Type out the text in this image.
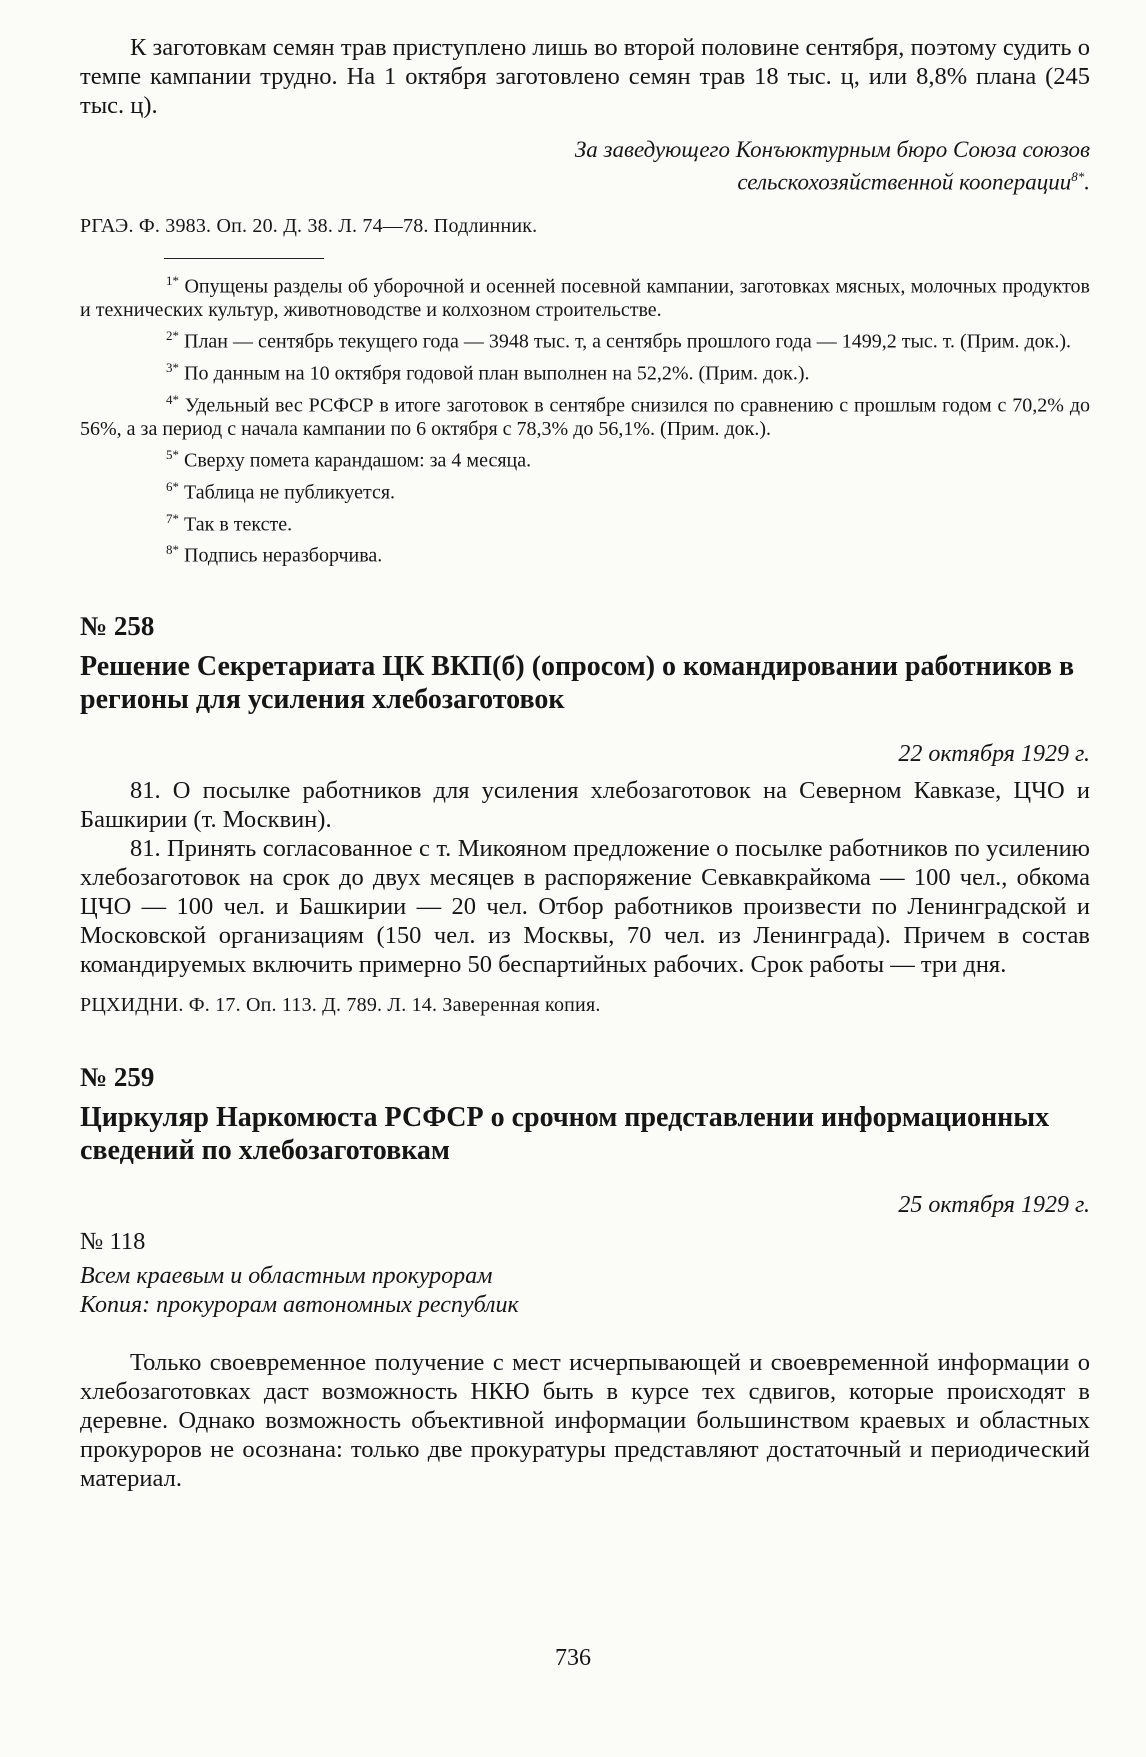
К заготовкам семян трав приступлено лишь во второй половине сентября, поэтому судить о темпе кампании трудно. На 1 октября заготовлено семян трав 18 тыс. ц, или 8,8% плана (245 тыс. ц).

За заведующего Конъюктурным бюро Союза союзов

сельскохозяйственной кооперации$^{8*}$.

РГАЭ. Ф. 3983. Оп. 20. Д. 38. Л. 74—78. Подлинник.

$^{1*}$ Опущены разделы об уборочной и осенней посевной кампании, заготовках мясных, молочных продуктов и технических культур, животноводстве и колхозном строительстве.

$^{2*}$ План — сентябрь текущего года — 3948 тыс. т, а сентябрь прошлого года — 1499,2 тыс. т. (Прим. док.).

$^{3*}$ По данным на 10 октября годовой план выполнен на 52,2%. (Прим. док.).

$^{4*}$ Удельный вес РСФСР в итоге заготовок в сентябре снизился по сравнению с прошлым годом с 70,2% до 56%, а за период с начала кампании по 6 октября с 78,3% до 56,1%. (Прим. док.).

$^{5*}$ Сверху помета карандашом: за 4 месяца.

$^{6*}$ Таблица не публикуется.

$^{7*}$ Так в тексте.

$^{8*}$ Подпись неразборчива.

№ 258

Решение Секретариата ЦК ВКП(б) (опросом) о командировании работников в регионы для усиления хлебозаготовок

22 октября 1929 г.

81. О посылке работников для усиления хлебозаготовок на Северном Кавказе, ЦЧО и Башкирии (т. Москвин).

81. Принять согласованное с т. Микояном предложение о посылке работников по усилению хлебозаготовок на срок до двух месяцев в распоряжение Севкавкрайкома — 100 чел., обкома ЦЧО — 100 чел. и Башкирии — 20 чел. Отбор работников произвести по Ленинградской и Московской организациям (150 чел. из Москвы, 70 чел. из Ленинграда). Причем в состав командируемых включить примерно 50 беспартийных рабочих. Срок работы — три дня.

РЦХИДНИ. Ф. 17. Оп. 113. Д. 789. Л. 14. Заверенная копия.

№ 259

Циркуляр Наркомюста РСФСР о срочном представлении информационных сведений по хлебозаготовкам

25 октября 1929 г.

№ 118

Всем краевым и областным прокурорам

Копия: прокурорам автономных республик

Только своевременное получение с мест исчерпывающей и своевременной информации о хлебозаготовках даст возможность НКЮ быть в курсе тех сдвигов, которые происходят в деревне. Однако возможность объективной информации большинством краевых и областных прокуроров не осознана: только две прокуратуры представляют достаточный и периодический материал.

736
